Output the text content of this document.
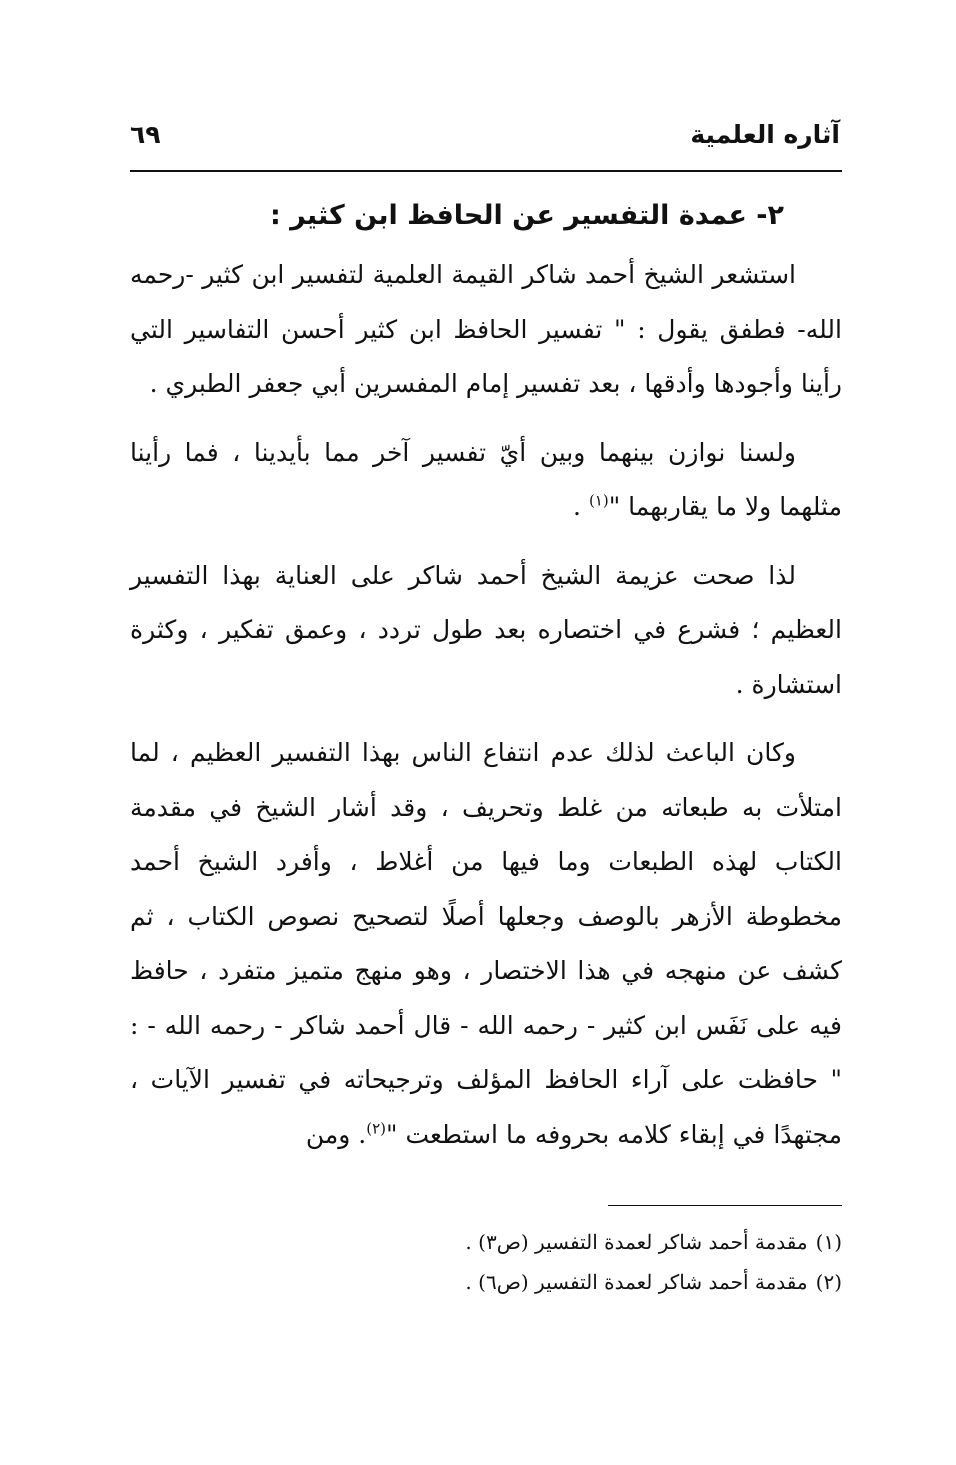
آثاره العلمية
٦٩
٢- عمدة التفسير عن الحافظ ابن كثير :

استشعر الشيخ أحمد شاكر القيمة العلمية لتفسير ابن كثير -رحمه الله- فطفق يقول : " تفسير الحافظ ابن كثير أحسن التفاسير التي رأينا وأجودها وأدقها ، بعد تفسير إمام المفسرين أبي جعفر الطبري .

ولسنا نوازن بينهما وبين أيّ تفسير آخر مما بأيدينا ، فما رأينا مثلهما ولا ما يقاربهما "$^{(١)}$ .

لذا صحت عزيمة الشيخ أحمد شاكر على العناية بهذا التفسير العظيم ؛ فشرع في اختصاره بعد طول تردد ، وعمق تفكير ، وكثرة استشارة .

وكان الباعث لذلك عدم انتفاع الناس بهذا التفسير العظيم ، لما امتلأت به طبعاته من غلط وتحريف ، وقد أشار الشيخ في مقدمة الكتاب لهذه الطبعات وما فيها من أغلاط ، وأفرد الشيخ أحمد مخطوطة الأزهر بالوصف وجعلها أصلًا لتصحيح نصوص الكتاب ، ثم كشف عن منهجه في هذا الاختصار ، وهو منهج متميز متفرد ، حافظ فيه على نَفَس ابن كثير - رحمه الله - قال أحمد شاكر - رحمه الله - : " حافظت على آراء الحافظ المؤلف وترجيحاته في تفسير الآيات ، مجتهدًا في إبقاء كلامه بحروفه ما استطعت "$^{(٢)}$. ومن

(١)مقدمة أحمد شاكر لعمدة التفسير (ص٣) .

(٢)مقدمة أحمد شاكر لعمدة التفسير (ص٦) .
